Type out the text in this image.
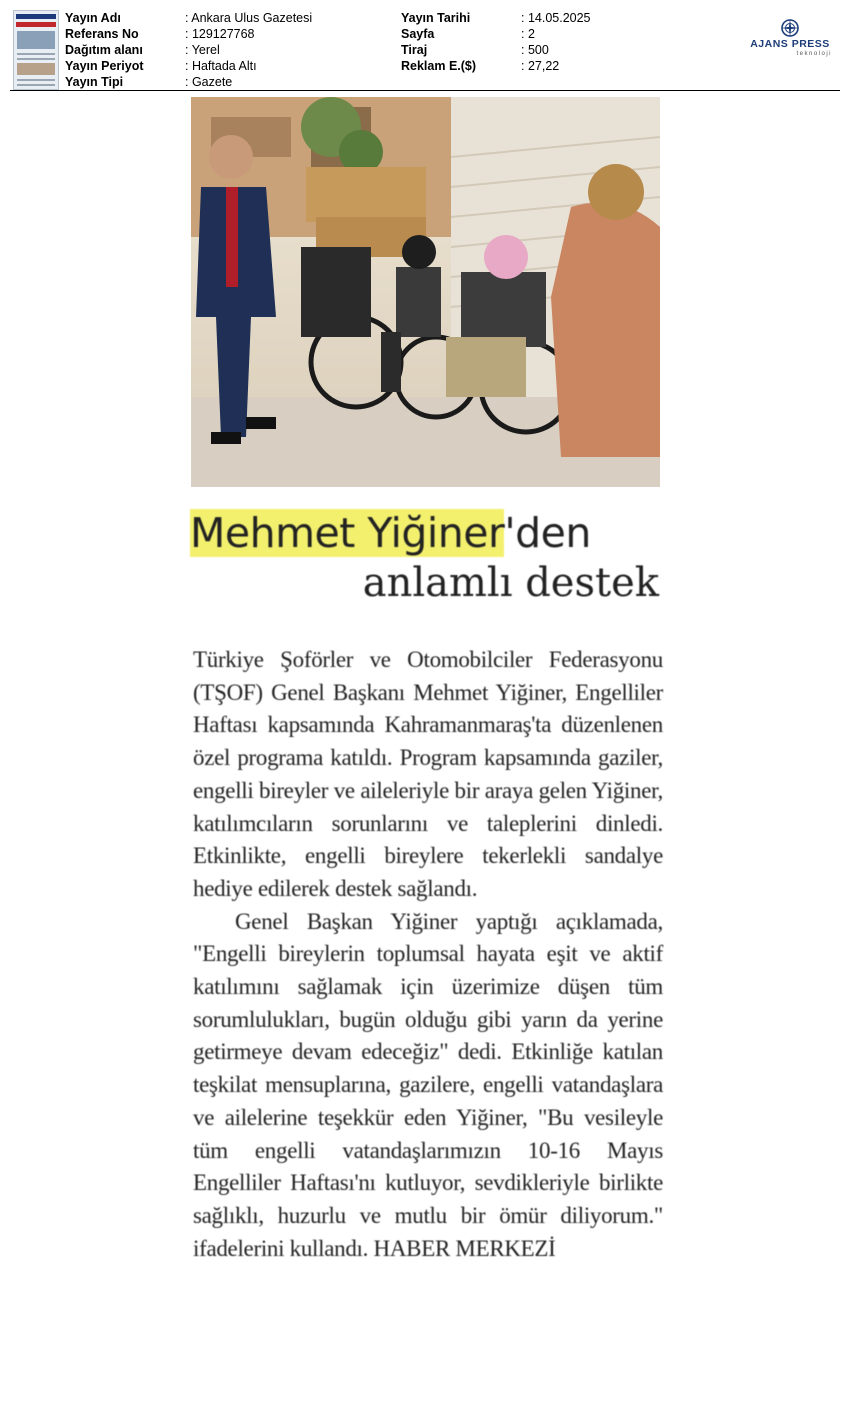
Yayın Adı	: Ankara Ulus Gazetesi
Referans No	: 129127768
Dağıtım alanı	: Yerel
Yayın Periyot	: Haftada Altı
Yayın Tipi	: Gazete
Yayın Tarihi	: 14.05.2025
Sayfa	: 2
Tiraj	: 500
Reklam E.($)	: 27,22
AJANS PRESS
teknoloji
Mehmet Yiğiner'den
anlamlı destek

Türkiye Şoförler ve Otomobilciler Federasyonu (TŞOF) Genel Başkanı Mehmet Yiğiner, Engelliler Haftası kapsamında Kahramanmaraş'ta düzenlenen özel programa katıldı. Program kapsamında gaziler, engelli bireyler ve aileleriyle bir araya gelen Yiğiner, katılımcıların sorunlarını ve taleplerini dinledi. Etkinlikte, engelli bireylere tekerlekli sandalye hediye edilerek destek sağlandı.

Genel Başkan Yiğiner yaptığı açıklamada, "Engelli bireylerin toplumsal hayata eşit ve aktif katılımını sağlamak için üzerimize düşen tüm sorumlulukları, bugün olduğu gibi yarın da yerine getirmeye devam edeceğiz" dedi. Etkinliğe katılan teşkilat mensuplarına, gazilere, engelli vatandaşlara ve ailelerine teşekkür eden Yiğiner, "Bu vesileyle tüm engelli vatandaşlarımızın 10-16 Mayıs Engelliler Haftası'nı kutluyor, sevdikleriyle birlikte sağlıklı, huzurlu ve mutlu bir ömür diliyorum." ifadelerini kullandı. HABER MERKEZİ
